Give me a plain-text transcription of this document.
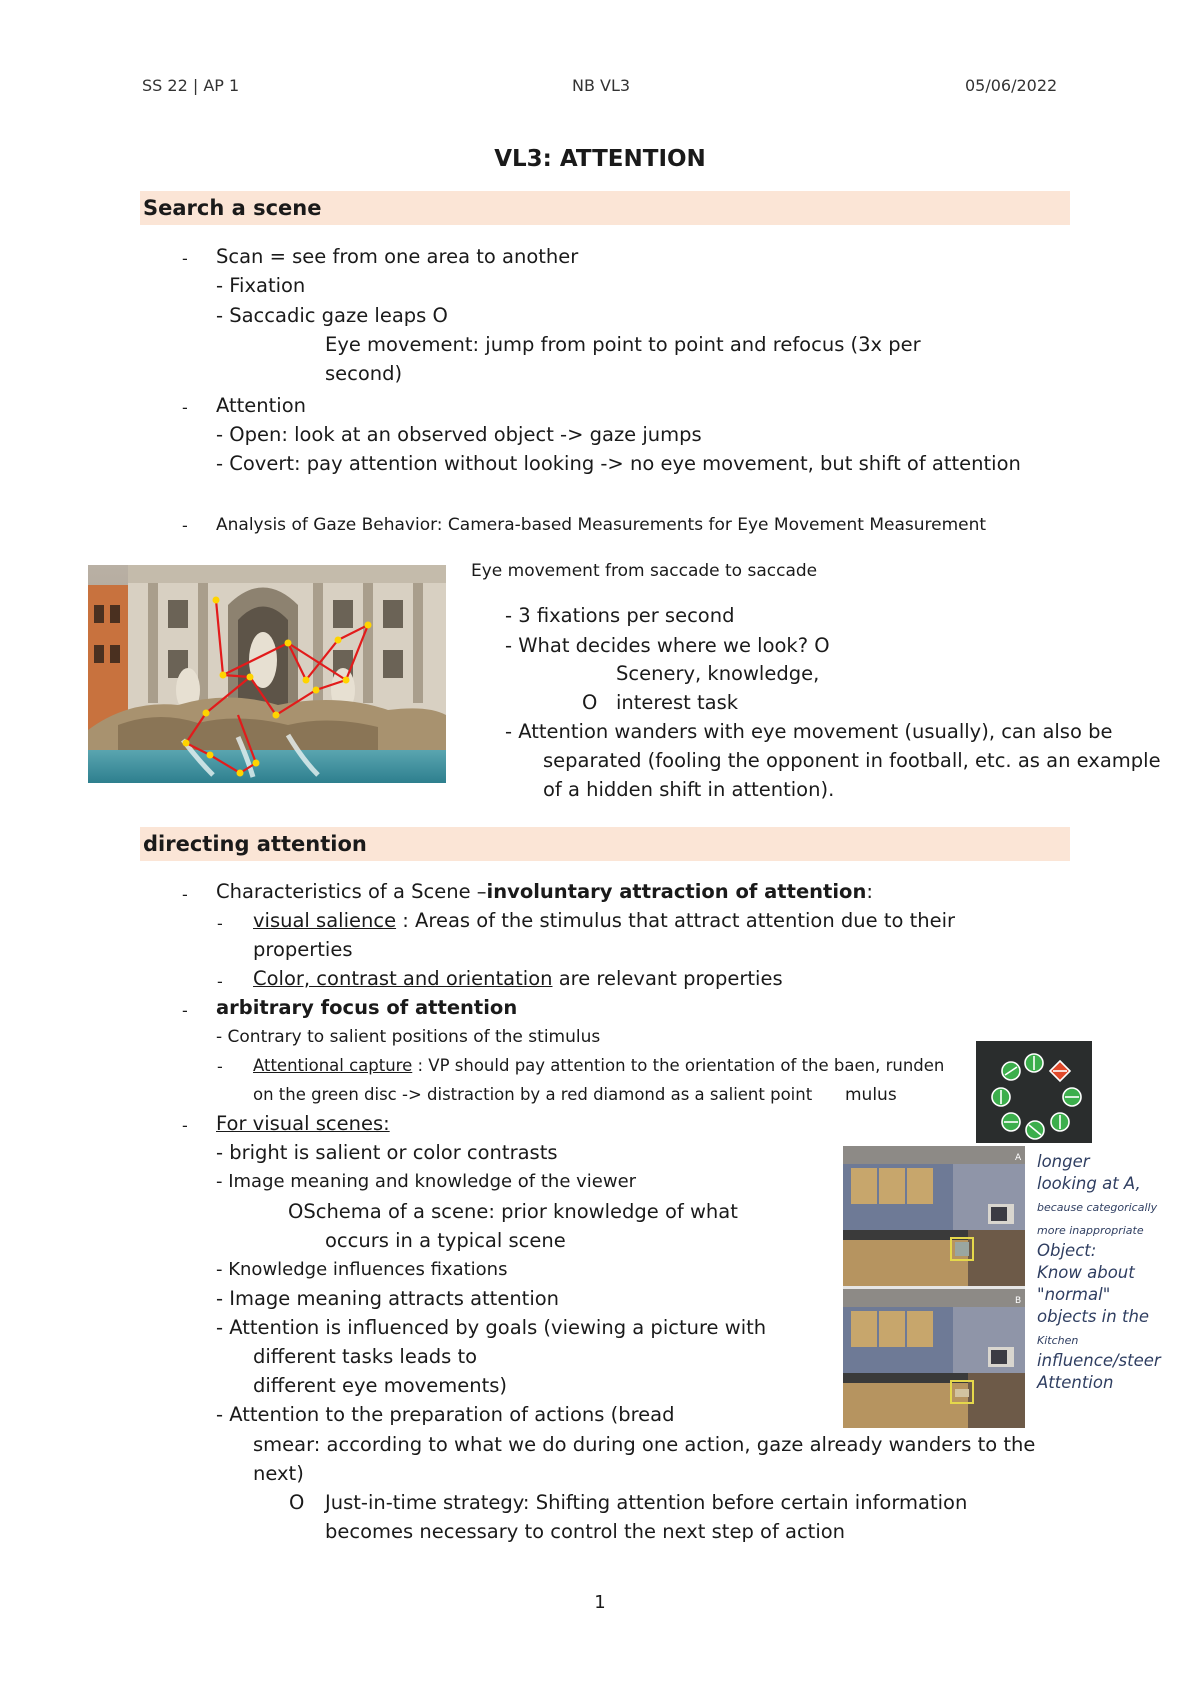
SS 22 | AP 1	NB VL3	05/06/2022
VL3: ATTENTION
Search a scene
- Scan = see from one area to another
- Fixation
- Saccadic gaze leaps O
Eye movement: jump from point to point and refocus (3x per
second)
- Attention
- Open: look at an observed object -> gaze jumps
- Covert: pay attention without looking -> no eye movement, but shift of attention
- Analysis of Gaze Behavior: Camera-based Measurements for Eye Movement Measurement
Eye movement from saccade to saccade
- 3 fixations per second
- What decides where we look? O
Scenery, knowledge,
O interest task
- Attention wanders with eye movement (usually), can also be
separated (fooling the opponent in football, etc. as an example
of a hidden shift in attention).
directing attention
- Characteristics of a Scene –involuntary attraction of attention:
- visual salience : Areas of the stimulus that attract attention due to their
properties
- Color, contrast and orientation are relevant properties
- arbitrary focus of attention
- Contrary to salient positions of the stimulus
- Attentional capture : VP should pay attention to the orientation of the baen, runden
on the green disc -> distraction by a red diamond as a salient point mulus
- For visual scenes:
- bright is salient or color contrasts
- Image meaning and knowledge of the viewer
OSchema of a scene: prior knowledge of what
occurs in a typical scene
- Knowledge influences fixations
- Image meaning attracts attention
- Attention is influenced by goals (viewing a picture with
different tasks leads to
different eye movements)
- Attention to the preparation of actions (bread
smear: according to what we do during one action, gaze already wanders to the
next)
O Just-in-time strategy: Shifting attention before certain information
becomes necessary to control the next step of action
A
B
longer
looking at A,
because categorically
more inappropriate
Object:
Know about
"normal"
objects in the
Kitchen
influence/steer
Attention
1
